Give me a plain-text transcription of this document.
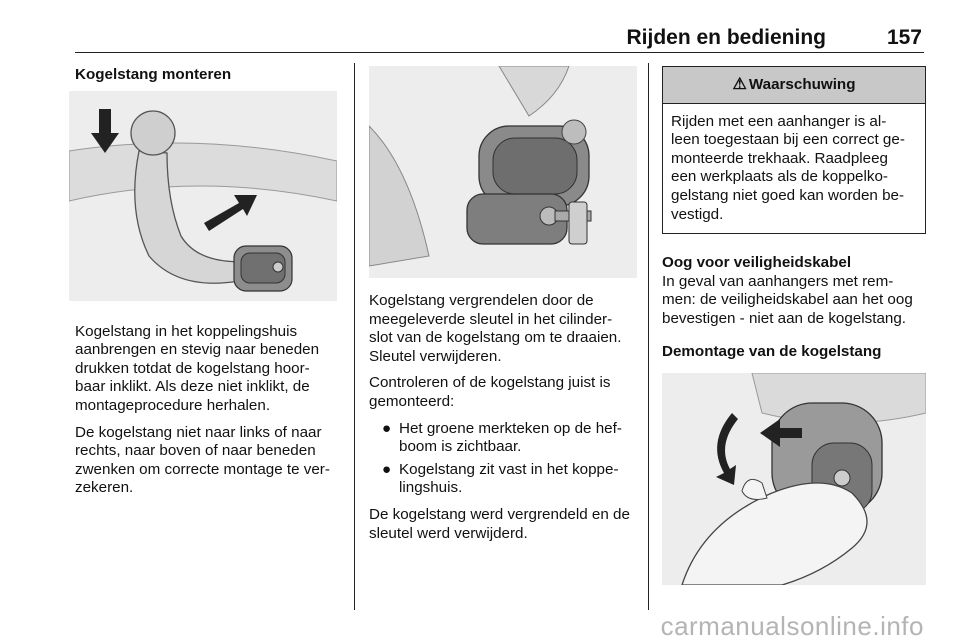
Rijden en bediening	157
Kogelstang monteren

Kogelstang in het koppelingshuis aanbrengen en stevig naar beneden drukken totdat de kogelstang hoor- baar inklikt. Als deze niet inklikt, de montageprocedure herhalen.

De kogelstang niet naar links of naar rechts, naar boven of naar beneden zwenken om correcte montage te ver- zekeren.

Kogelstang vergrendelen door de meegeleverde sleutel in het cilinder- slot van de kogelstang om te draaien. Sleutel verwijderen.

Controleren of de kogelstang juist is gemonteerd:

● Het groene merkteken op de hef- boom is zichtbaar.
● Kogelstang zit vast in het koppe- lingshuis.

De kogelstang werd vergrendeld en de sleutel werd verwijderd.

⚠ Waarschuwing
Rijden met een aanhanger is al- leen toegestaan bij een correct ge- monteerde trekhaak. Raadpleeg een werkplaats als de koppelko- gelstang niet goed kan worden be- vestigd.
Oog voor veiligheidskabel

In geval van aanhangers met rem- men: de veiligheidskabel aan het oog bevestigen - niet aan de kogelstang.

Demontage van de kogelstang
carmanualsonline.info
